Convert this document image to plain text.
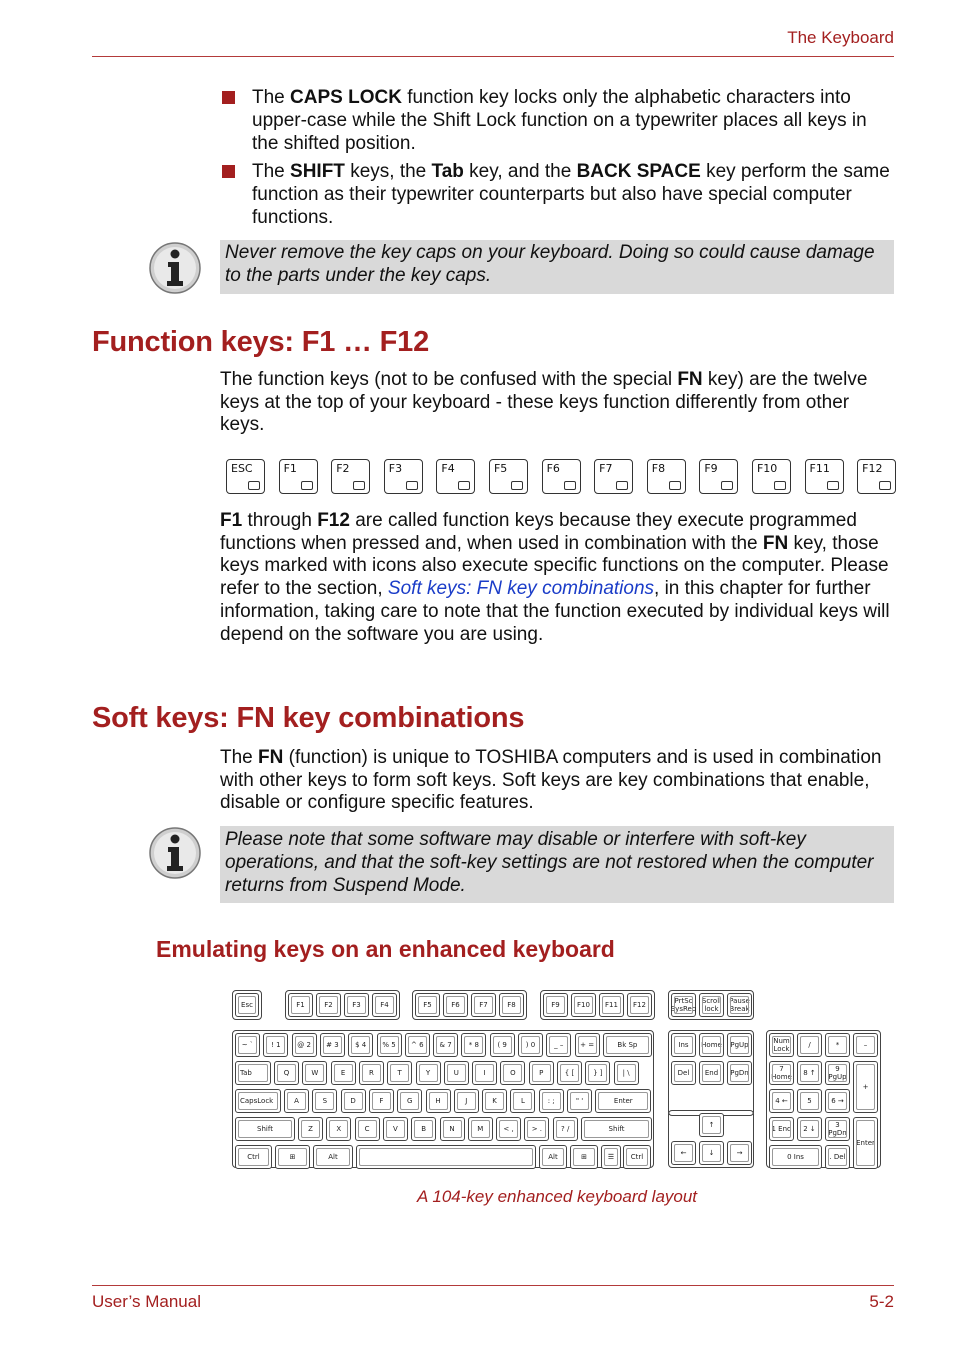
The Keyboard
The CAPS LOCK function key locks only the alphabetic characters into upper-case while the Shift Lock function on a typewriter places all keys in the shifted position.
The SHIFT keys, the Tab key, and the BACK SPACE key perform the same function as their typewriter counterparts but also have special computer functions.
Never remove the key caps on your keyboard. Doing so could cause damage to the parts under the key caps.
Function keys: F1 … F12

The function keys (not to be confused with the special FN key) are the twelve keys at the top of your keyboard - these keys function differently from other keys.

ESC	F1	F2	F3	F4	F5	F6	F7	F8	F9	F10	F11	F12

F1 through F12 are called function keys because they execute programmed functions when pressed and, when used in combination with the FN key, those keys marked with icons also execute specific functions on the computer. Please refer to the section, Soft keys: FN key combinations, in this chapter for further information, taking care to note that the function executed by individual keys will depend on the software you are using.

Soft keys: FN key combinations

The FN (function) is unique to TOSHIBA computers and is used in combination with other keys to form soft keys. Soft keys are key combinations that enable, disable or configure specific features.

Please note that some software may disable or interfere with soft-key operations, and that the soft-key settings are not restored when the computer returns from Suspend Mode.
Emulating keys on an enhanced keyboard
Esc	F1	F2	F3	F4	F5	F6	F7	F8	F9 F10 F11 F12	PrtSc SysReq
Scroll lock
Pause Break
~ `	! 1 @ 2 # 3 $ 4 % 5 ^ 6 & 7 * 8	( 9	) 0	_ – + =	Bk Sp
Tab	Q	W	E	R	T	Y	U	I	O	P	{ [	} ]	| \
CapsLock	A	S	D	F	G	H	J	K	L	: ;	" '	Enter
Shift	Z	X	C	V	B	N	M	< ,	> .	? /	Shift
Ctrl	⊞	Alt	Alt	⊞	☰ Ctrl
Ins Home PgUp
Del End PgDn
↑
←	↓	→
Num Lock	/	*	–
7 Home 8 ↑	9 PgUp
+
4 ←	5	6 →
1 End 2 ↓	3 PgDn
Enter
0 Ins	. Del
A 104-key enhanced keyboard layout
User’s Manual	5-2
